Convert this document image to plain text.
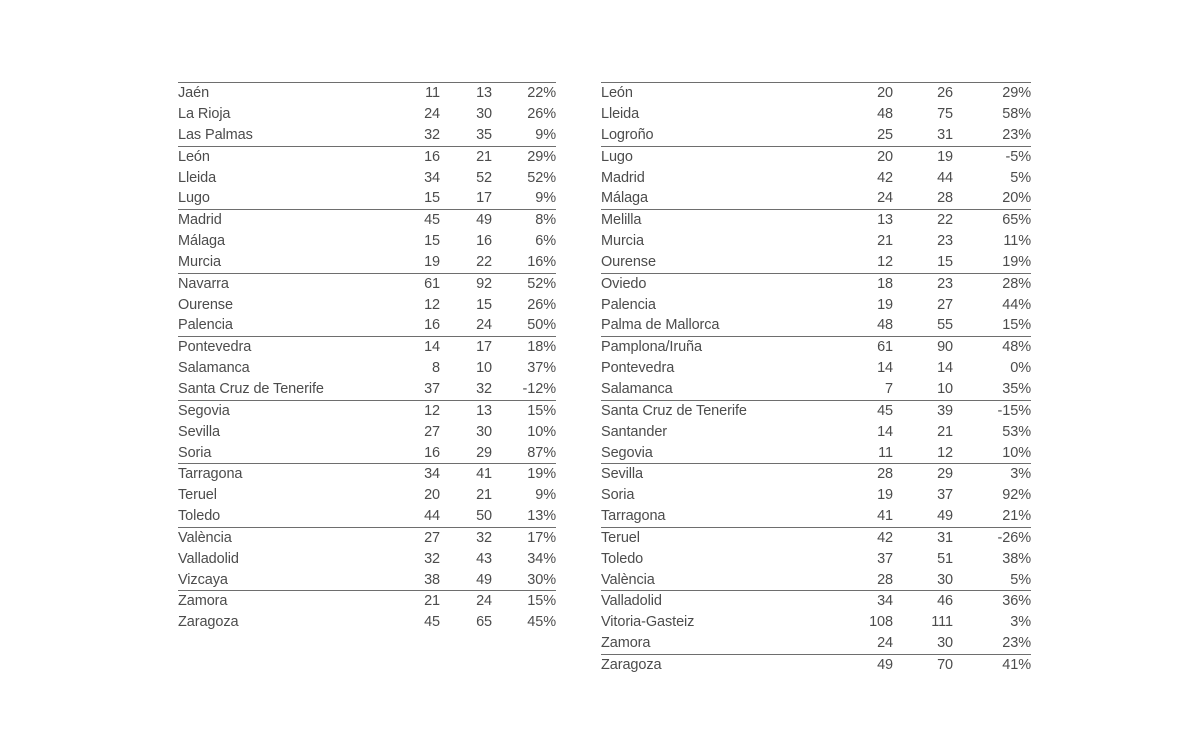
Jaén	11	13	22%
La Rioja	24	30	26%
Las Palmas	32	35	9%
León	16	21	29%
Lleida	34	52	52%
Lugo	15	17	9%
Madrid	45	49	8%
Málaga	15	16	6%
Murcia	19	22	16%
Navarra	61	92	52%
Ourense	12	15	26%
Palencia	16	24	50%
Pontevedra	14	17	18%
Salamanca	8	10	37%
Santa Cruz de Tenerife	37	32	-12%
Segovia	12	13	15%
Sevilla	27	30	10%
Soria	16	29	87%
Tarragona	34	41	19%
Teruel	20	21	9%
Toledo	44	50	13%
València	27	32	17%
Valladolid	32	43	34%
Vizcaya	38	49	30%
Zamora	21	24	15%
Zaragoza	45	65	45%
León	20	26	29%
Lleida	48	75	58%
Logroño	25	31	23%
Lugo	20	19	-5%
Madrid	42	44	5%
Málaga	24	28	20%
Melilla	13	22	65%
Murcia	21	23	11%
Ourense	12	15	19%
Oviedo	18	23	28%
Palencia	19	27	44%
Palma de Mallorca	48	55	15%
Pamplona/Iruña	61	90	48%
Pontevedra	14	14	0%
Salamanca	7	10	35%
Santa Cruz de Tenerife	45	39	-15%
Santander	14	21	53%
Segovia	11	12	10%
Sevilla	28	29	3%
Soria	19	37	92%
Tarragona	41	49	21%
Teruel	42	31	-26%
Toledo	37	51	38%
València	28	30	5%
Valladolid	34	46	36%
Vitoria-Gasteiz	108	111	3%
Zamora	24	30	23%
Zaragoza	49	70	41%
